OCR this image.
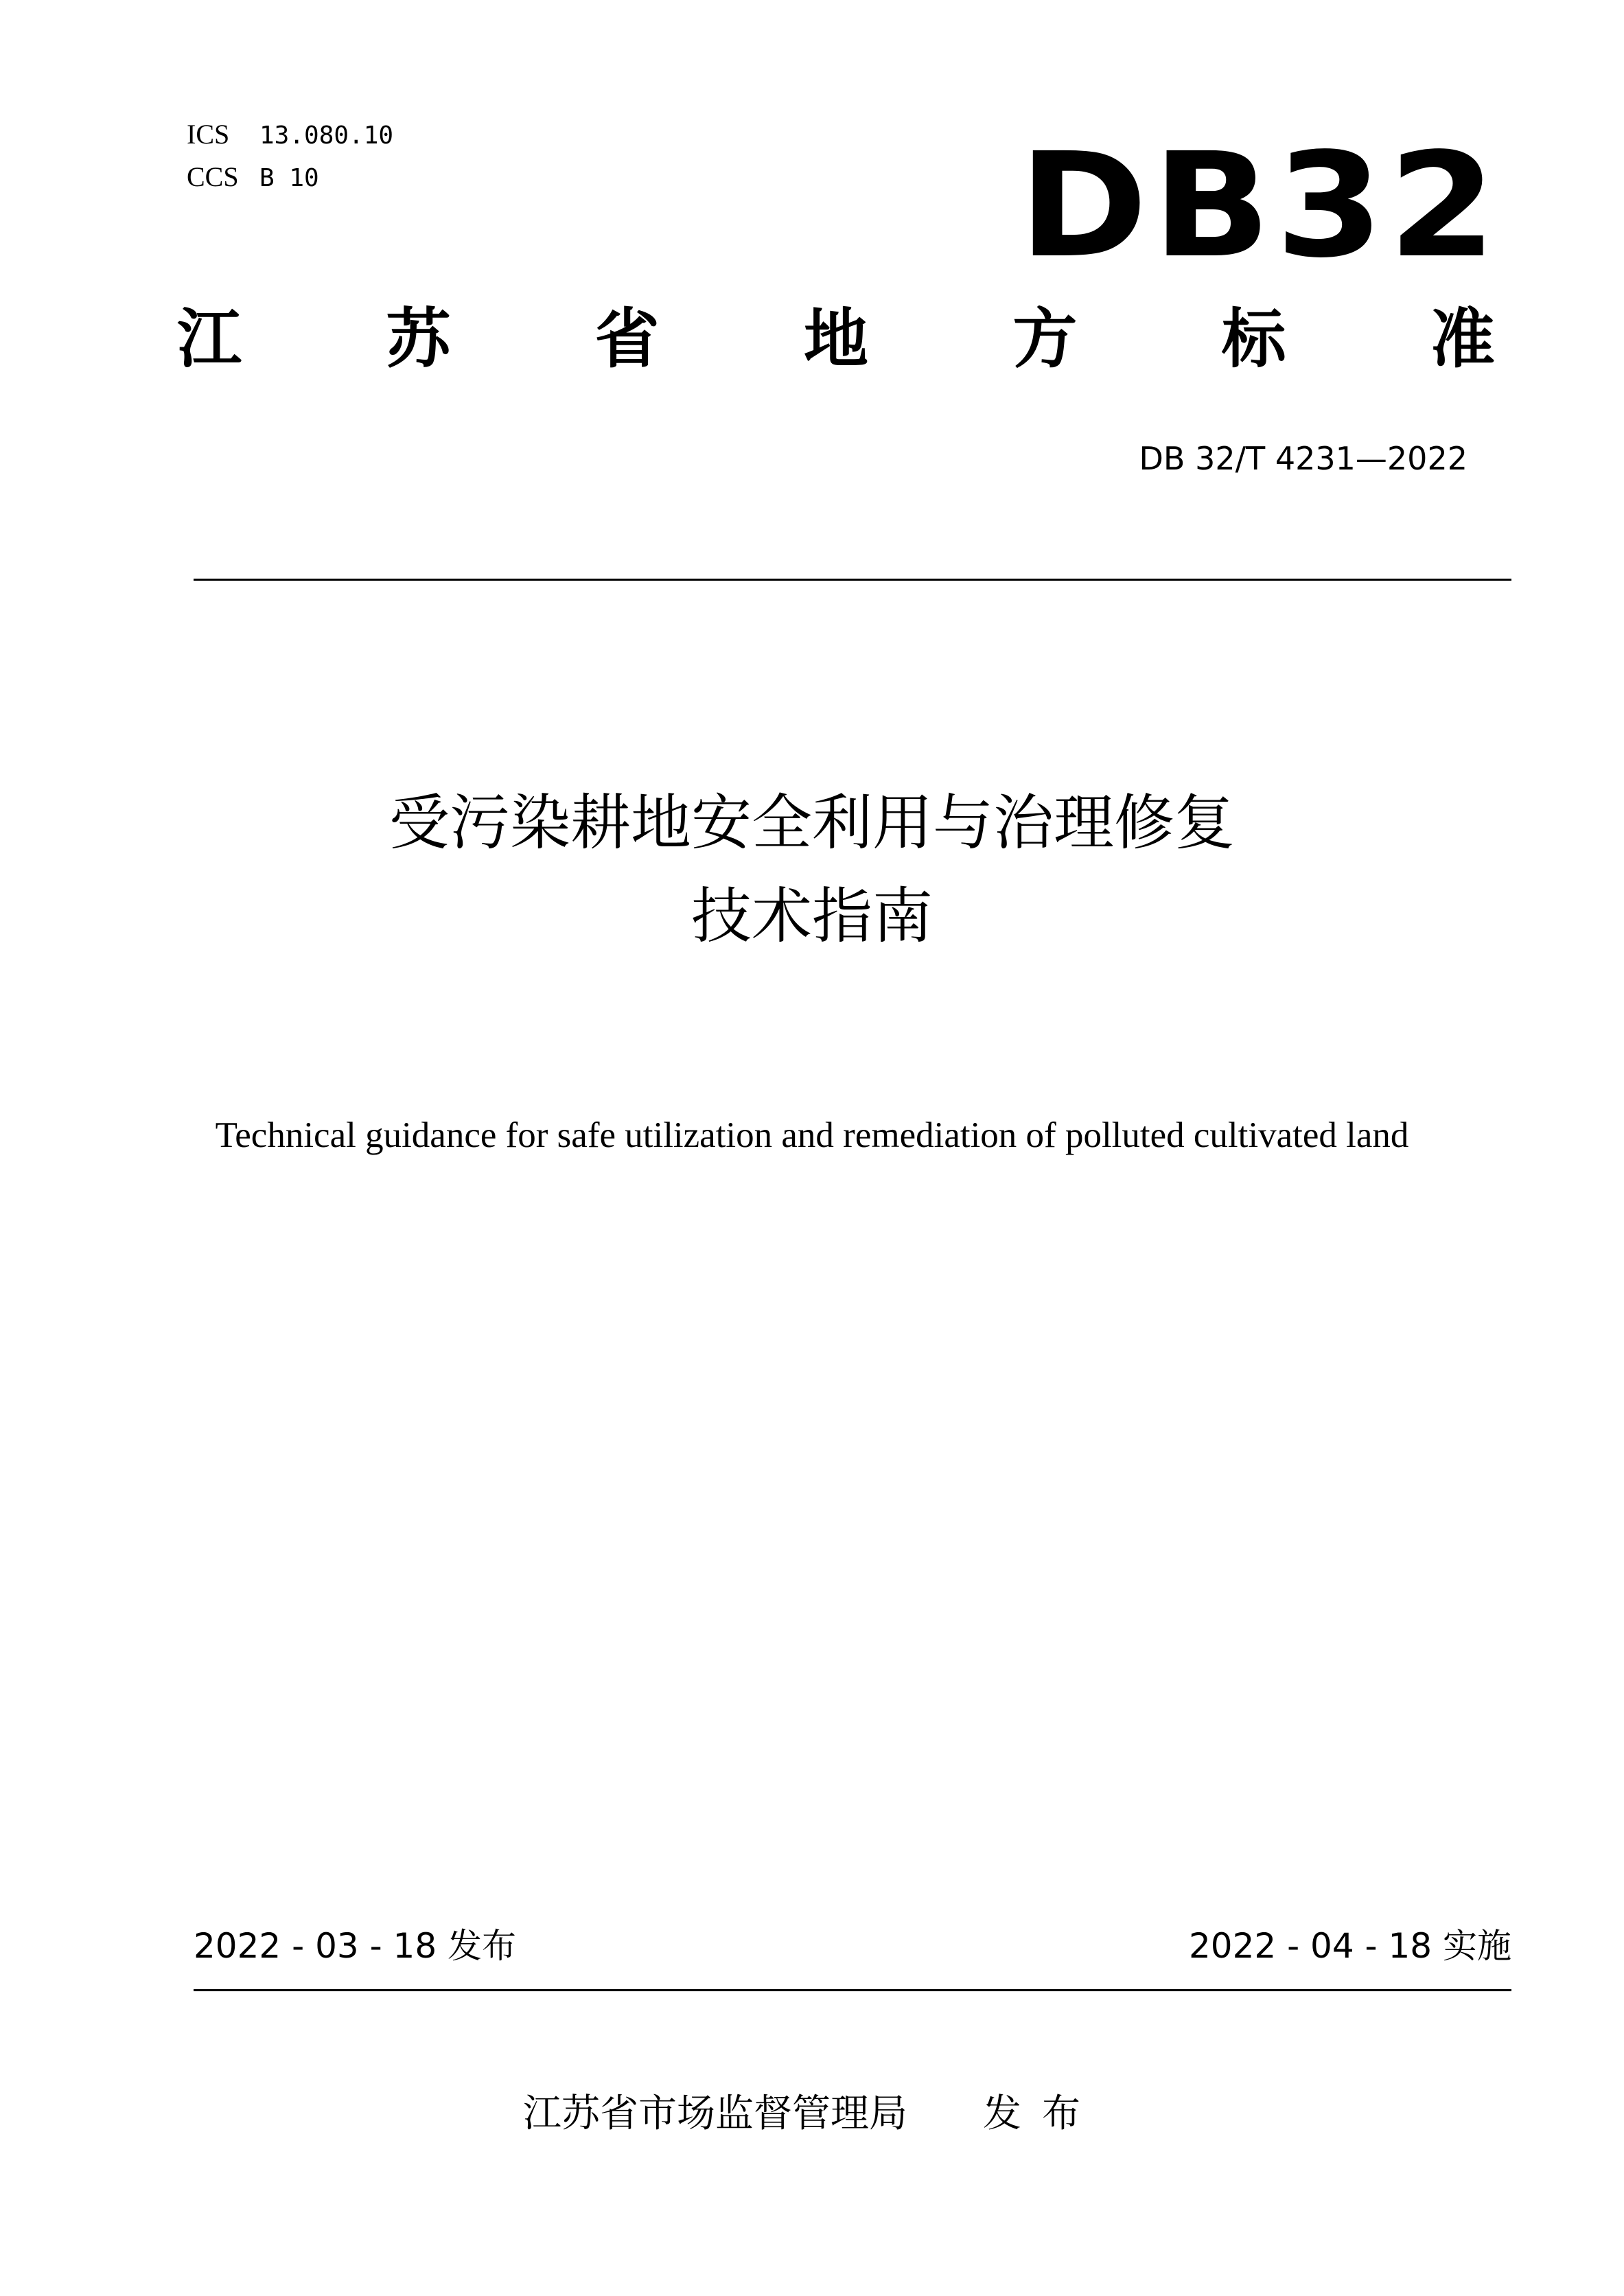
ICS 13.080.10
CCS B 10	DB32
江 苏 省 地 方 标 准
DB 32/T 4231—2022
受污染耕地安全利用与治理修复
技术指南
Technical guidance for safe utilization and remediation of polluted cultivated land
2022 - 03 - 18 发布	2022 - 04 - 18 实施
江苏省市场监督管理局 发布
